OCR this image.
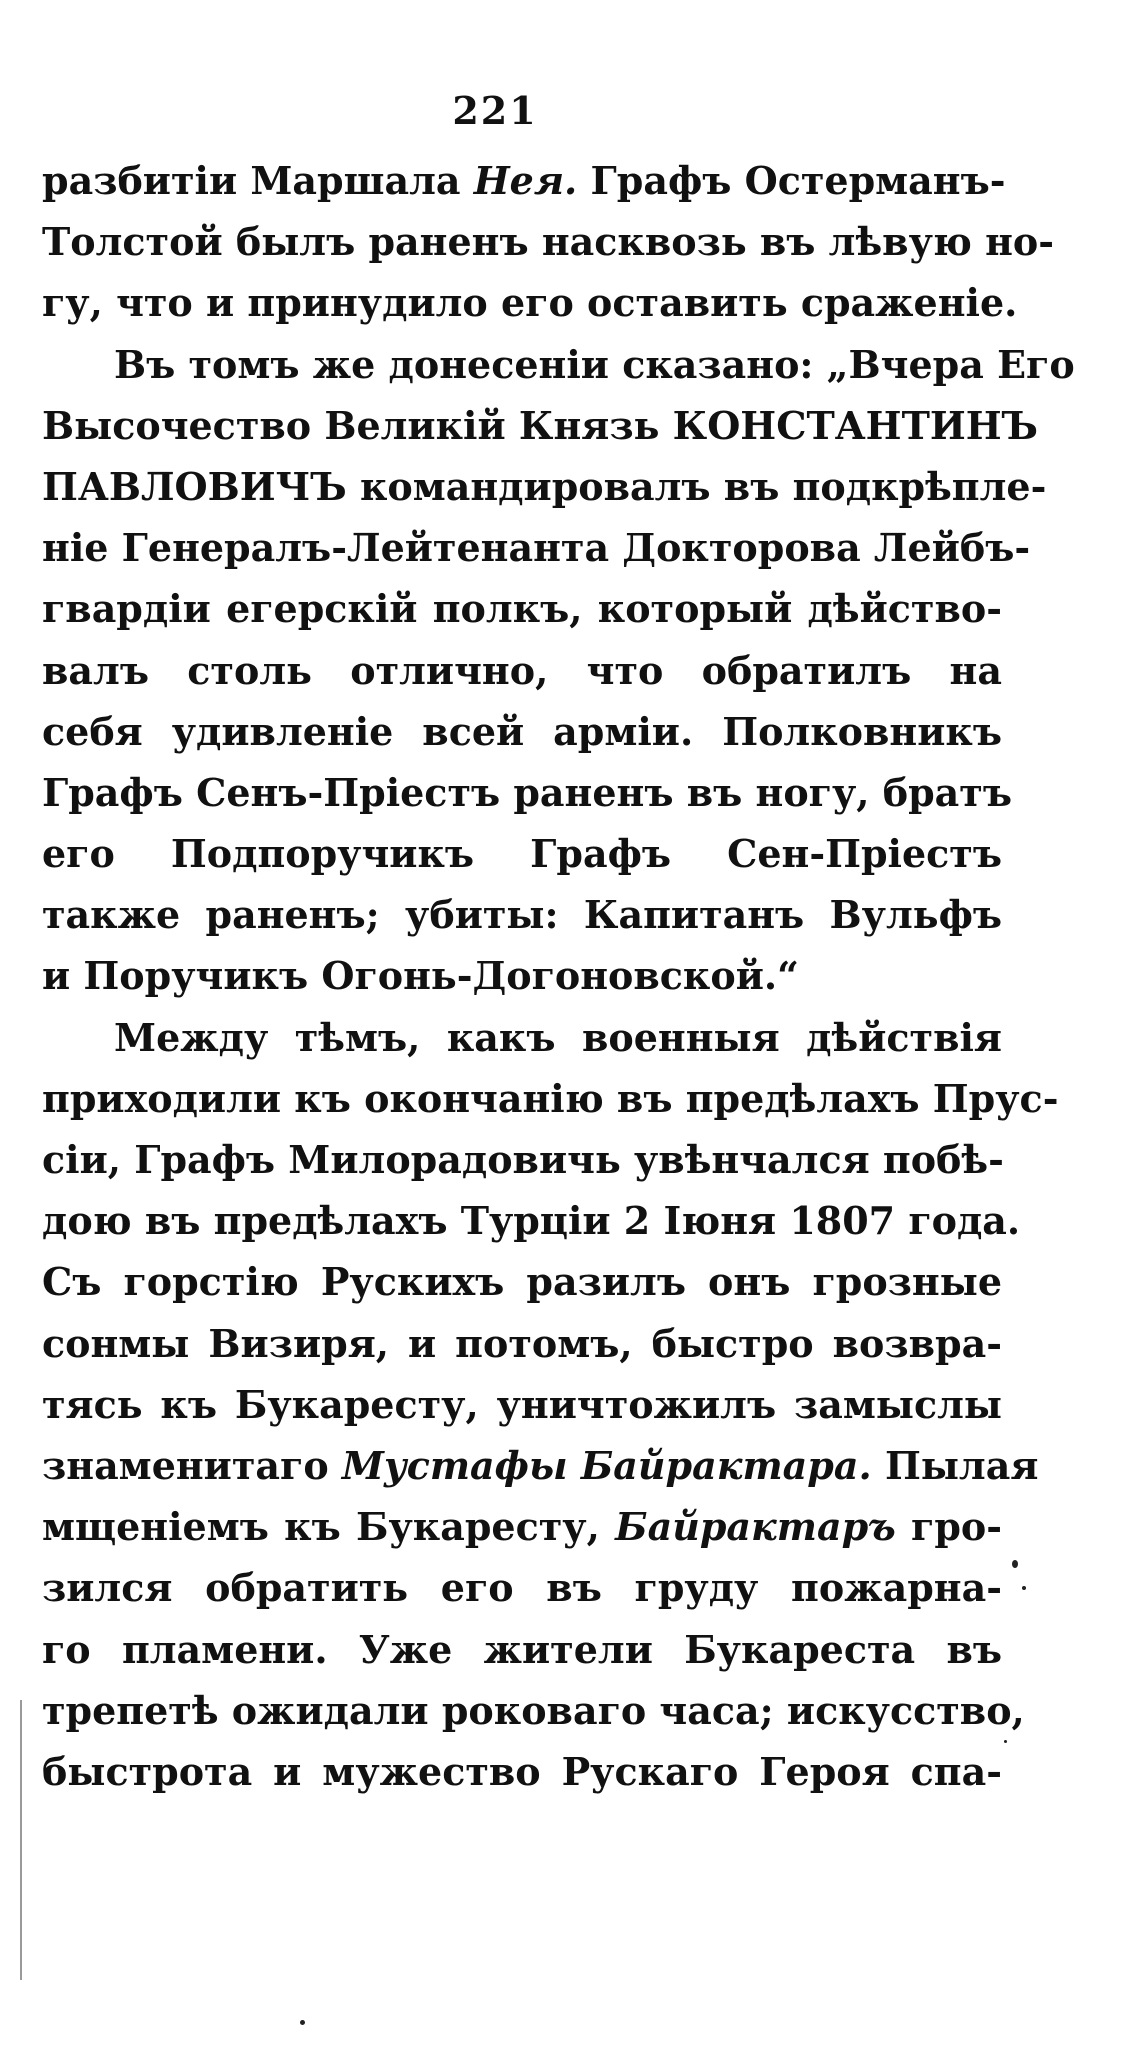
221
разбитіи Маршала Нея. Графъ Остерманъ-
Толстой былъ раненъ насквозь въ лѣвую но-
гу, что и принудило его оставить сраженіе.
Въ томъ же донесеніи сказано: „Вчера Его
Высочество Великій Князь КОНСТАНТИНЪ
ПАВЛОВИЧЪ командировалъ въ подкрѣпле-
ніе Генералъ-Лейтенанта Докторова Лейбъ-
гвардіи егерскій полкъ, который дѣйство-
валъ столь отлично, что обратилъ на
себя удивленіе всей арміи. Полковникъ
Графъ Сенъ-Пріестъ раненъ въ ногу, братъ
его Подпоручикъ Графъ Сен-Пріестъ
также раненъ; убиты: Капитанъ Вульфъ
и Поручикъ Огонь-Догоновской.“
Между тѣмъ, какъ военныя дѣйствія
приходили къ окончанію въ предѣлахъ Прус-
сіи, Графъ Милорадовичь увѣнчался побѣ-
дою въ предѣлахъ Турціи 2 Іюня 1807 года.
Съ горстію Рускихъ разилъ онъ грозные
сонмы Визиря, и потомъ, быстро возвра-
тясь къ Букаресту, уничтожилъ замыслы
знаменитаго Мустафы Байрактара. Пылая
мщеніемъ къ Букаресту, Байрактаръ гро-
зился обратить его въ груду пожарна-
го пламени. Уже жители Букареста въ
трепетѣ ожидали роковаго часа; искусство,
быстрота и мужество Рускаго Героя спа-
